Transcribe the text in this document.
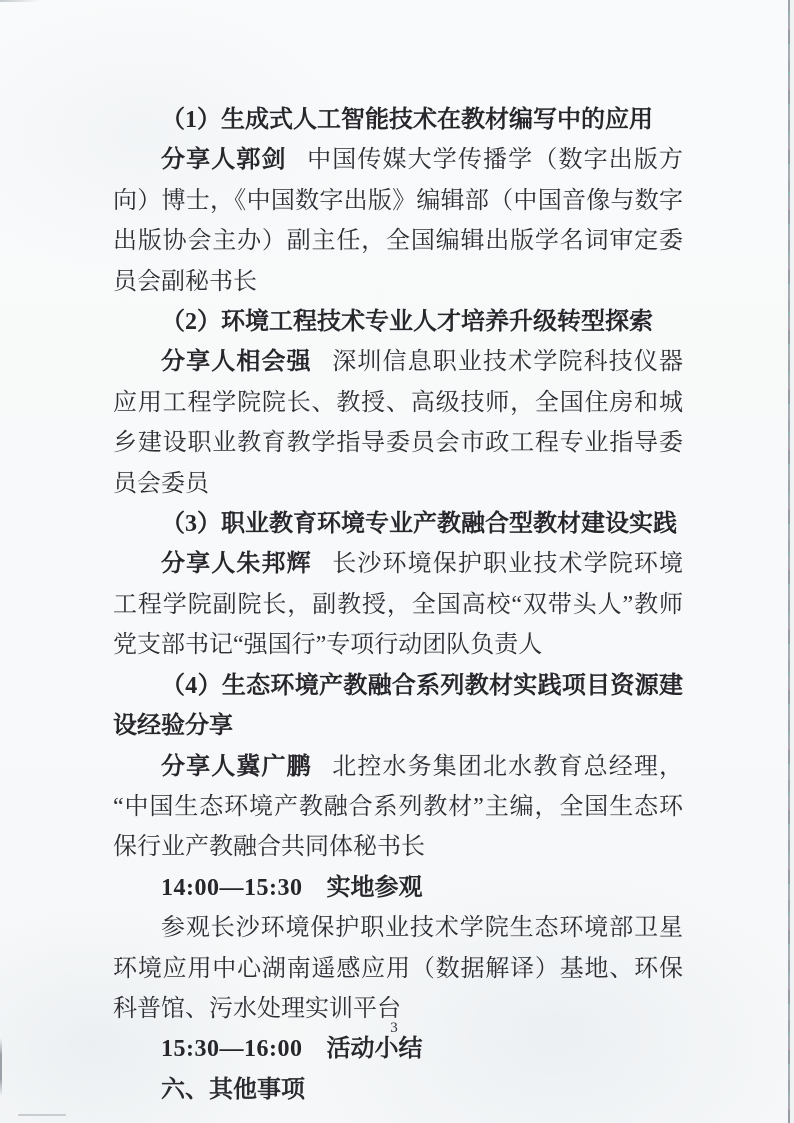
（1）生成式人工智能技术在教材编写中的应用

分享人郭剑 中国传媒大学传播学（数字出版方向）博士，《中国数字出版》编辑部（中国音像与数字出版协会主办）副主任，全国编辑出版学名词审定委员会副秘书长

（2）环境工程技术专业人才培养升级转型探索

分享人相会强 深圳信息职业技术学院科技仪器应用工程学院院长、教授、高级技师，全国住房和城乡建设职业教育教学指导委员会市政工程专业指导委员会委员

（3）职业教育环境专业产教融合型教材建设实践

分享人朱邦辉 长沙环境保护职业技术学院环境工程学院副院长，副教授，全国高校“双带头人”教师党支部书记“强国行”专项行动团队负责人

（4）生态环境产教融合系列教材实践项目资源建设经验分享

分享人冀广鹏 北控水务集团北水教育总经理，“中国生态环境产教融合系列教材”主编，全国生态环保行业产教融合共同体秘书长

14:00—15:30 实地参观

参观长沙环境保护职业技术学院生态环境部卫星环境应用中心湖南遥感应用（数据解译）基地、环保科普馆、污水处理实训平台

15:30—16:00 活动小结

六、其他事项

3
